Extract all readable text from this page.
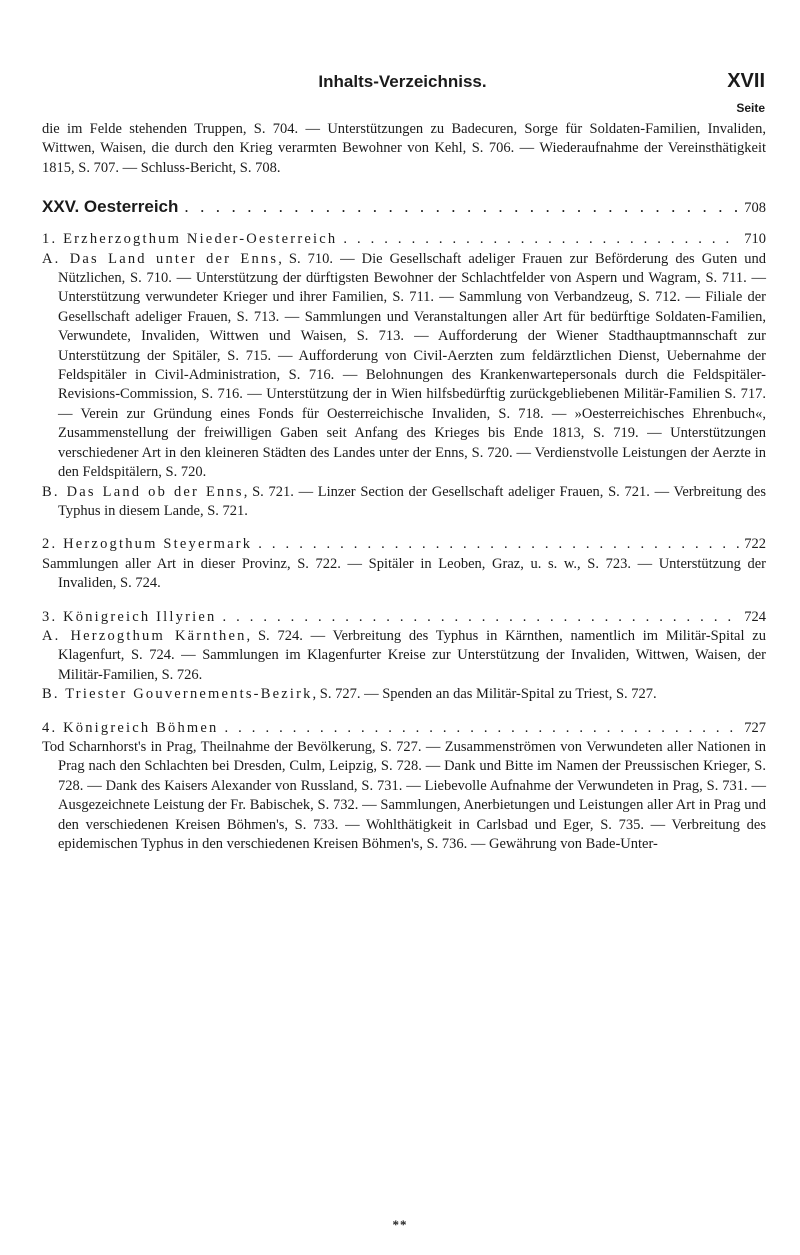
Inhalts-Verzeichniss.	XVII
Seite

die im Felde stehenden Truppen, S. 704. — Unterstützungen zu Badecuren, Sorge für Soldaten-Familien, Invaliden, Wittwen, Waisen, die durch den Krieg verarmten Bewohner von Kehl, S. 706. — Wiederaufnahme der Vereinsthätigkeit 1815, S. 707. — Schluss-Bericht, S. 708.

XXV. Oesterreich . . .	708
1. Erzherzogthum Nieder-Oesterreich . . .	710

A. Das Land unter der Enns, S. 710. — Die Gesellschaft adeliger Frauen zur Beförderung des Guten und Nützlichen, S. 710. — Unterstützung der dürftigsten Bewohner der Schlachtfelder von Aspern und Wagram, S. 711. — Unterstützung verwundeter Krieger und ihrer Familien, S. 711. — Sammlung von Verbandzeug, S. 712. — Filiale der Gesellschaft adeliger Frauen, S. 713. — Sammlungen und Veranstaltungen aller Art für bedürftige Soldaten-Familien, Verwundete, Invaliden, Wittwen und Waisen, S. 713. — Aufforderung der Wiener Stadthauptmannschaft zur Unterstützung der Spitäler, S. 715. — Aufforderung von Civil-Aerzten zum feldärztlichen Dienst, Uebernahme der Feldspitäler in Civil-Administration, S. 716. — Belohnungen des Krankenwartepersonals durch die Feldspitäler-Revisions-Commission, S. 716. — Unterstützung der in Wien hilfsbedürftig zurückgebliebenen Militär-Familien S. 717. — Verein zur Gründung eines Fonds für Oesterreichische Invaliden, S. 718. — »Oesterreichisches Ehrenbuch«, Zusammenstellung der freiwilligen Gaben seit Anfang des Krieges bis Ende 1813, S. 719. — Unterstützungen verschiedener Art in den kleineren Städten des Landes unter der Enns, S. 720. — Verdienstvolle Leistungen der Aerzte in den Feldspitälern, S. 720.

B. Das Land ob der Enns, S. 721. — Linzer Section der Gesellschaft adeliger Frauen, S. 721. — Verbreitung des Typhus in diesem Lande, S. 721.

2. Herzogthum Steyermark . . .	722

Sammlungen aller Art in dieser Provinz, S. 722. — Spitäler in Leoben, Graz, u. s. w., S. 723. — Unterstützung der Invaliden, S. 724.

3. Königreich Illyrien . . .	724

A. Herzogthum Kärnthen, S. 724. — Verbreitung des Typhus in Kärnthen, namentlich im Militär-Spital zu Klagenfurt, S. 724. — Sammlungen im Klagenfurter Kreise zur Unterstützung der Invaliden, Wittwen, Waisen, der Militär-Familien, S. 726.

B. Triester Gouvernements-Bezirk, S. 727. — Spenden an das Militär-Spital zu Triest, S. 727.

4. Königreich Böhmen . . .	727

Tod Scharnhorst's in Prag, Theilnahme der Bevölkerung, S. 727. — Zusammenströmen von Verwundeten aller Nationen in Prag nach den Schlachten bei Dresden, Culm, Leipzig, S. 728. — Dank und Bitte im Namen der Preussischen Krieger, S. 728. — Dank des Kaisers Alexander von Russland, S. 731. — Liebevolle Aufnahme der Verwundeten in Prag, S. 731. — Ausgezeichnete Leistung der Fr. Babischek, S. 732. — Sammlungen, Anerbietungen und Leistungen aller Art in Prag und den verschiedenen Kreisen Böhmen's, S. 733. — Wohlthätigkeit in Carlsbad und Eger, S. 735. — Verbreitung des epidemischen Typhus in den verschiedenen Kreisen Böhmen's, S. 736. — Gewährung von Bade-Unter-

**
